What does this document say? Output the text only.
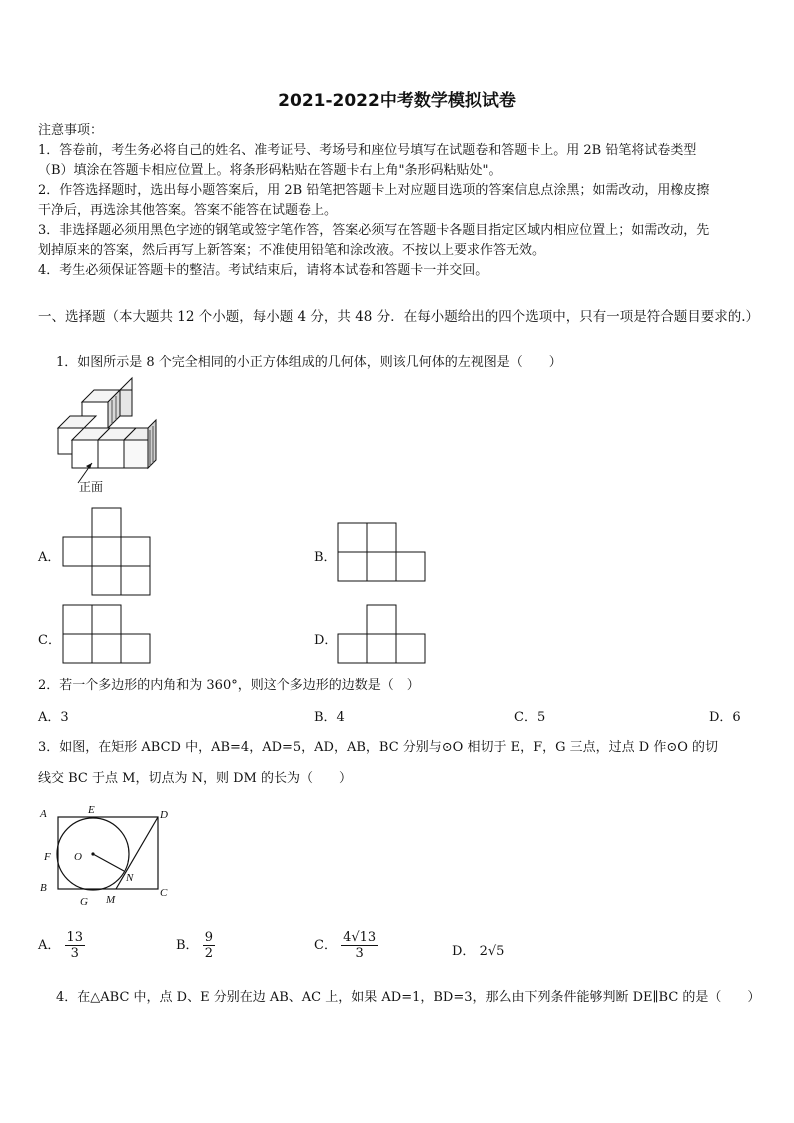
2021-2022中考数学模拟试卷
注意事项：
1．答卷前，考生务必将自己的姓名、准考证号、考场号和座位号填写在试题卷和答题卡上。用 2B 铅笔将试卷类型
（B）填涂在答题卡相应位置上。将条形码粘贴在答题卡右上角"条形码粘贴处"。
2．作答选择题时，选出每小题答案后，用 2B 铅笔把答题卡上对应题目选项的答案信息点涂黑；如需改动，用橡皮擦
干净后，再选涂其他答案。答案不能答在试题卷上。
3．非选择题必须用黑色字迹的钢笔或签字笔作答，答案必须写在答题卡各题目指定区域内相应位置上；如需改动，先
划掉原来的答案，然后再写上新答案；不准使用铅笔和涂改液。不按以上要求作答无效。
4．考生必须保证答题卡的整洁。考试结束后，请将本试卷和答题卡一并交回。
一、选择题（本大题共 12 个小题，每小题 4 分，共 48 分．在每小题给出的四个选项中，只有一项是符合题目要求的.）
1．如图所示是 8 个完全相同的小正方体组成的几何体，则该几何体的左视图是（　　）
正面
A．	B．
C．	D．
2．若一个多边形的内角和为 360°，则这个多边形的边数是（　）
A．3	B．4	C．5	D．6
3．如图，在矩形 ABCD 中，AB=4，AD=5，AD，AB，BC 分别与⊙O 相切于 E，F，G 三点，过点 D 作⊙O 的切
线交 BC 于点 M，切点为 N，则 DM 的长为（　　）
A	E	D
F O
B
G M
N
C
A． $\frac{13}{3}$	B． $\frac{9}{2}$	C． $\frac{4√13}{3}$	D． 2√5
4．在△ABC 中，点 D、E 分别在边 AB、AC 上，如果 AD=1，BD=3，那么由下列条件能够判断 DE∥BC 的是（　　）
